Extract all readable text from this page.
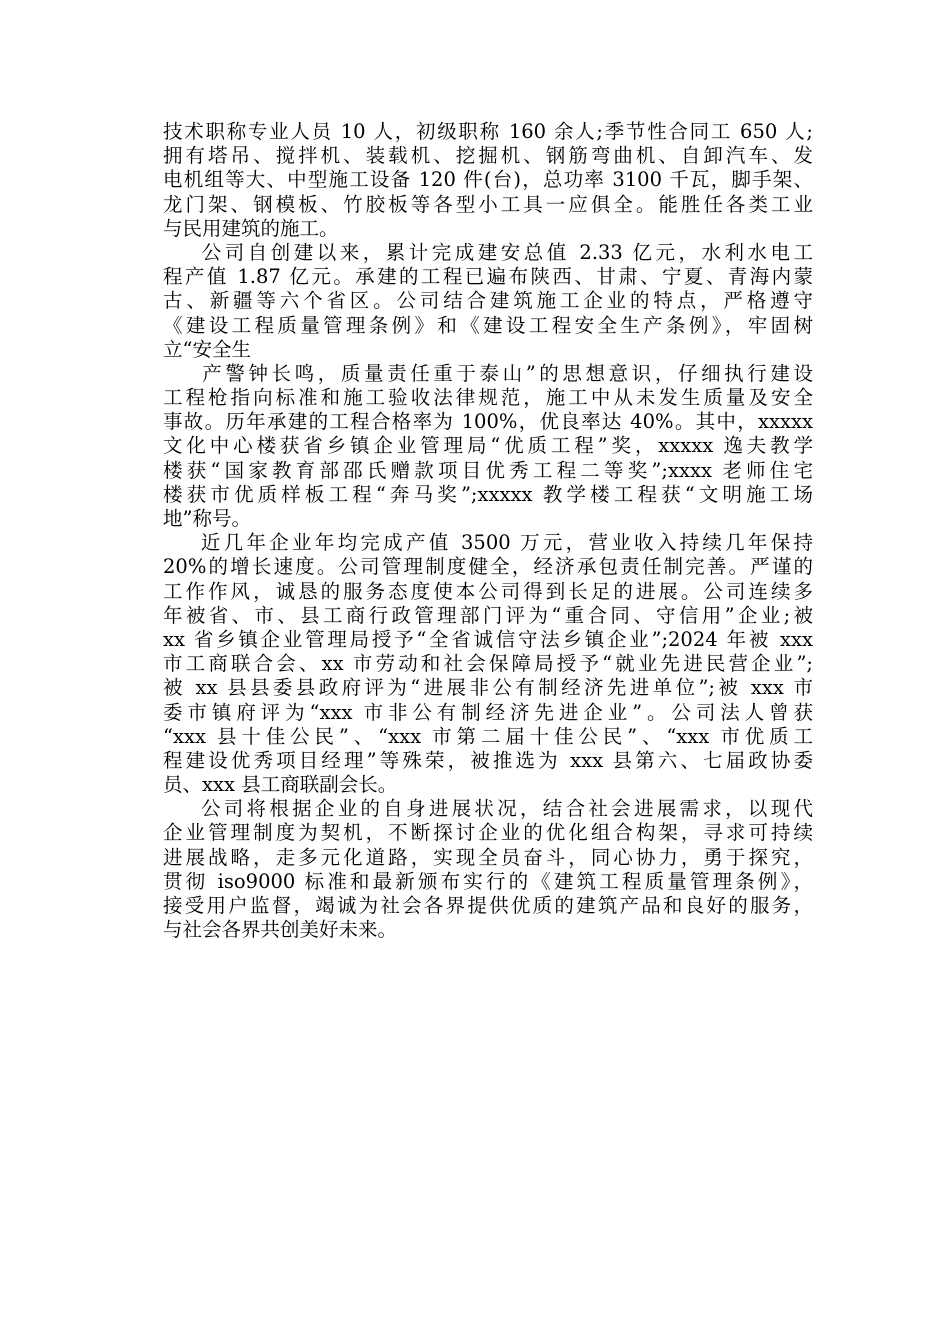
技术职称专业人员 10 人，初级职称 160 余人;季节性合同工 650 人;
拥有塔吊、搅拌机、装载机、挖掘机、钢筋弯曲机、自卸汽车、发
电机组等大、中型施工设备 120 件(台)，总功率 3100 千瓦，脚手架、
龙门架、钢模板、竹胶板等各型小工具一应俱全。能胜任各类工业
与民用建筑的施工。
公司自创建以来，累计完成建安总值 2.33 亿元，水利水电工
程产值 1.87 亿元。承建的工程已遍布陕西、甘肃、宁夏、青海内蒙
古、新疆等六个省区。公司结合建筑施工企业的特点，严格遵守
《建设工程质量管理条例》和《建设工程安全生产条例》，牢固树
立“安全生
产警钟长鸣，质量责任重于泰山”的思想意识，仔细执行建设
工程枪指向标准和施工验收法律规范，施工中从未发生质量及安全
事故。历年承建的工程合格率为 100%，优良率达 40%。其中，xxxxx
文化中心楼获省乡镇企业管理局“优质工程”奖，xxxxx 逸夫教学
楼获“国家教育部邵氏赠款项目优秀工程二等奖”;xxxx 老师住宅
楼获市优质样板工程“奔马奖”;xxxxx 教学楼工程获“文明施工场
地”称号。
近几年企业年均完成产值 3500 万元，营业收入持续几年保持
20%的增长速度。公司管理制度健全，经济承包责任制完善。严谨的
工作作风，诚恳的服务态度使本公司得到长足的进展。公司连续多
年被省、市、县工商行政管理部门评为“重合同、守信用”企业;被
xx 省乡镇企业管理局授予“全省诚信守法乡镇企业”;2024 年被 xxx
市工商联合会、xx 市劳动和社会保障局授予“就业先进民营企业”;
被 xx 县县委县政府评为“进展非公有制经济先进单位”;被 xxx 市
委市镇府评为“xxx 市非公有制经济先进企业”。公司法人曾获
“xxx 县十佳公民”、“xxx 市第二届十佳公民”、“xxx 市优质工
程建设优秀项目经理”等殊荣，被推选为 xxx 县第六、七届政协委
员、xxx 县工商联副会长。
公司将根据企业的自身进展状况，结合社会进展需求，以现代
企业管理制度为契机，不断探讨企业的优化组合构架，寻求可持续
进展战略，走多元化道路，实现全员奋斗，同心协力，勇于探究，
贯彻 iso9000 标准和最新颁布实行的《建筑工程质量管理条例》，
接受用户监督，竭诚为社会各界提供优质的建筑产品和良好的服务，
与社会各界共创美好未来。
